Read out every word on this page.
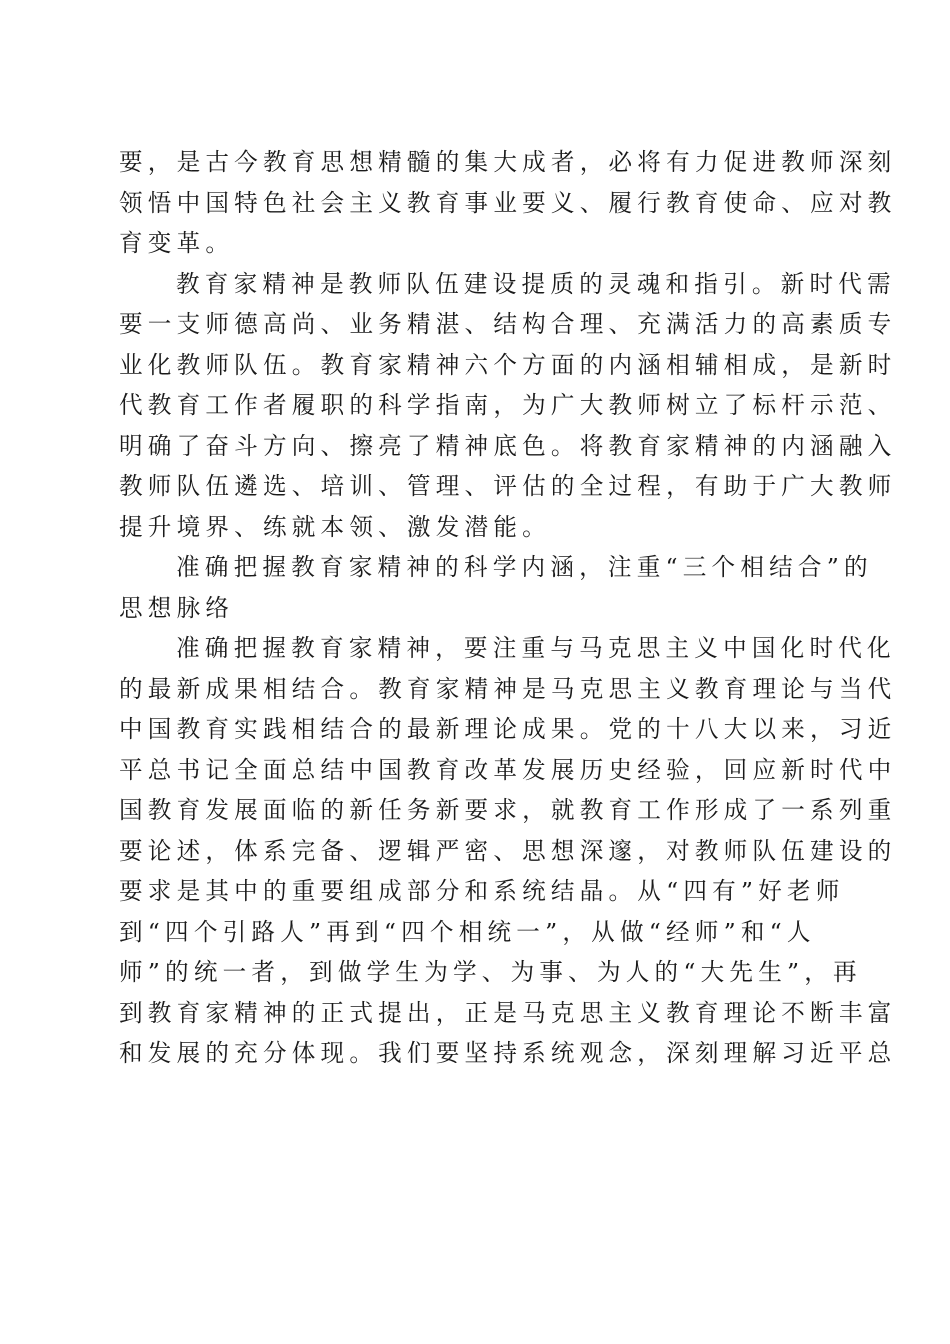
要，是古今教育思想精髓的集大成者，必将有力促进教师深刻
领悟中国特色社会主义教育事业要义、履行教育使命、应对教
育变革。
教育家精神是教师队伍建设提质的灵魂和指引。新时代需
要一支师德高尚、业务精湛、结构合理、充满活力的高素质专
业化教师队伍。教育家精神六个方面的内涵相辅相成，是新时
代教育工作者履职的科学指南，为广大教师树立了标杆示范、
明确了奋斗方向、擦亮了精神底色。将教育家精神的内涵融入
教师队伍遴选、培训、管理、评估的全过程，有助于广大教师
提升境界、练就本领、激发潜能。
准确把握教育家精神的科学内涵，注重“三个相结合”的
思想脉络
准确把握教育家精神，要注重与马克思主义中国化时代化
的最新成果相结合。教育家精神是马克思主义教育理论与当代
中国教育实践相结合的最新理论成果。党的十八大以来，习近
平总书记全面总结中国教育改革发展历史经验，回应新时代中
国教育发展面临的新任务新要求，就教育工作形成了一系列重
要论述，体系完备、逻辑严密、思想深邃，对教师队伍建设的
要求是其中的重要组成部分和系统结晶。从“四有”好老师
到“四个引路人”再到“四个相统一”，从做“经师”和“人
师”的统一者，到做学生为学、为事、为人的“大先生”，再
到教育家精神的正式提出，正是马克思主义教育理论不断丰富
和发展的充分体现。我们要坚持系统观念，深刻理解习近平总
